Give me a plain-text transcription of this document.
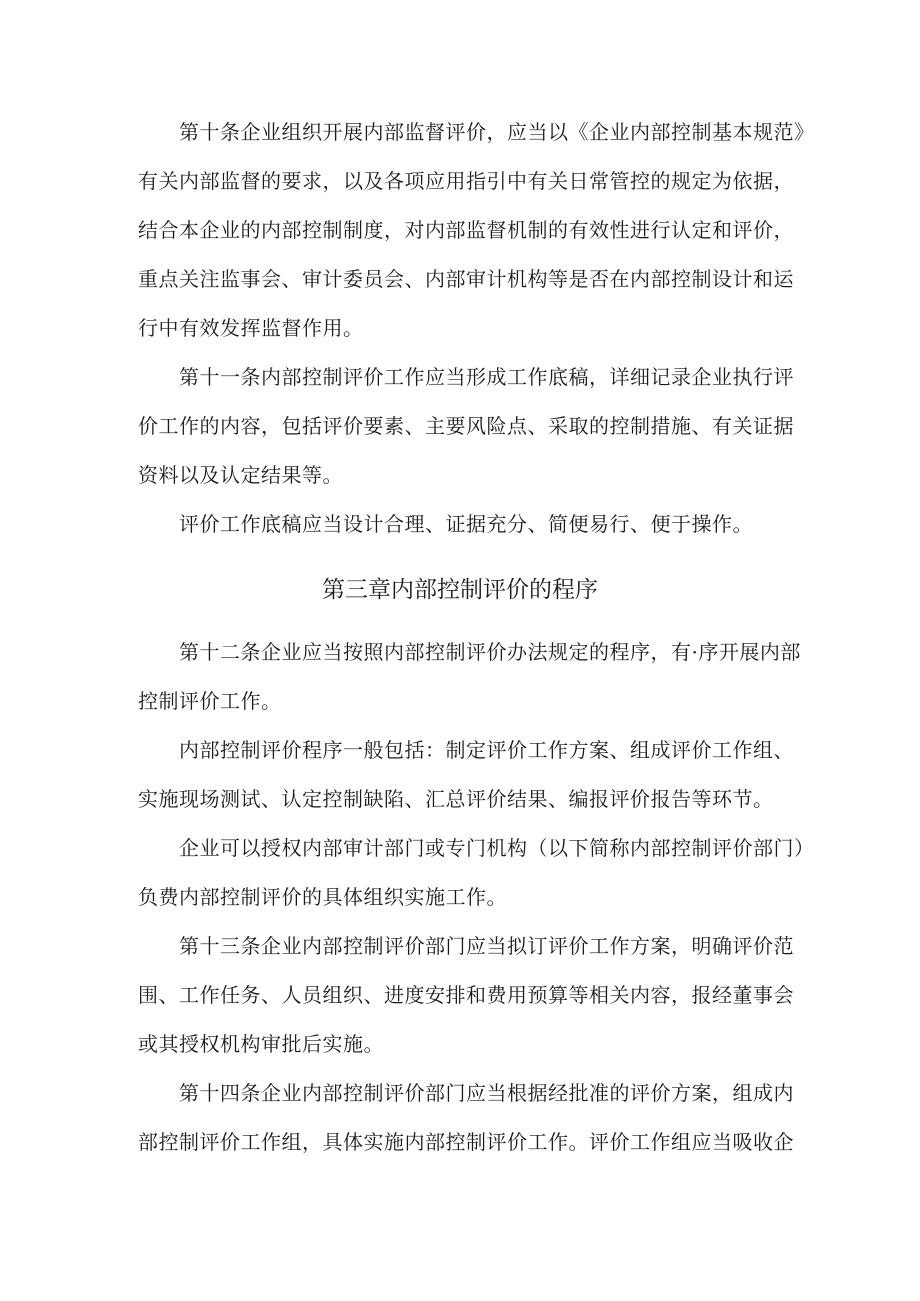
第十条企业组织开展内部监督评价，应当以《企业内部控制基本规范》
有关内部监督的要求，以及各项应用指引中有关日常管控的规定为依据，
结合本企业的内部控制制度，对内部监督机制的有效性进行认定和评价，
重点关注监事会、审计委员会、内部审计机构等是否在内部控制设计和运
行中有效发挥监督作用。
第十一条内部控制评价工作应当形成工作底稿，详细记录企业执行评
价工作的内容，包括评价要素、主要风险点、采取的控制措施、有关证据
资料以及认定结果等。
评价工作底稿应当设计合理、证据充分、简便易行、便于操作。
第三章内部控制评价的程序
第十二条企业应当按照内部控制评价办法规定的程序，有·序开展内部
控制评价工作。
内部控制评价程序一般包括：制定评价工作方案、组成评价工作组、
实施现场测试、认定控制缺陷、汇总评价结果、编报评价报告等环节。
企业可以授权内部审计部门或专门机构（以下简称内部控制评价部门）
负费内部控制评价的具体组织实施工作。
第十三条企业内部控制评价部门应当拟订评价工作方案，明确评价范
围、工作任务、人员组织、进度安排和费用预算等相关内容，报经董事会
或其授权机构审批后实施。
第十四条企业内部控制评价部门应当根据经批准的评价方案，组成内
部控制评价工作组，具体实施内部控制评价工作。评价工作组应当吸收企
